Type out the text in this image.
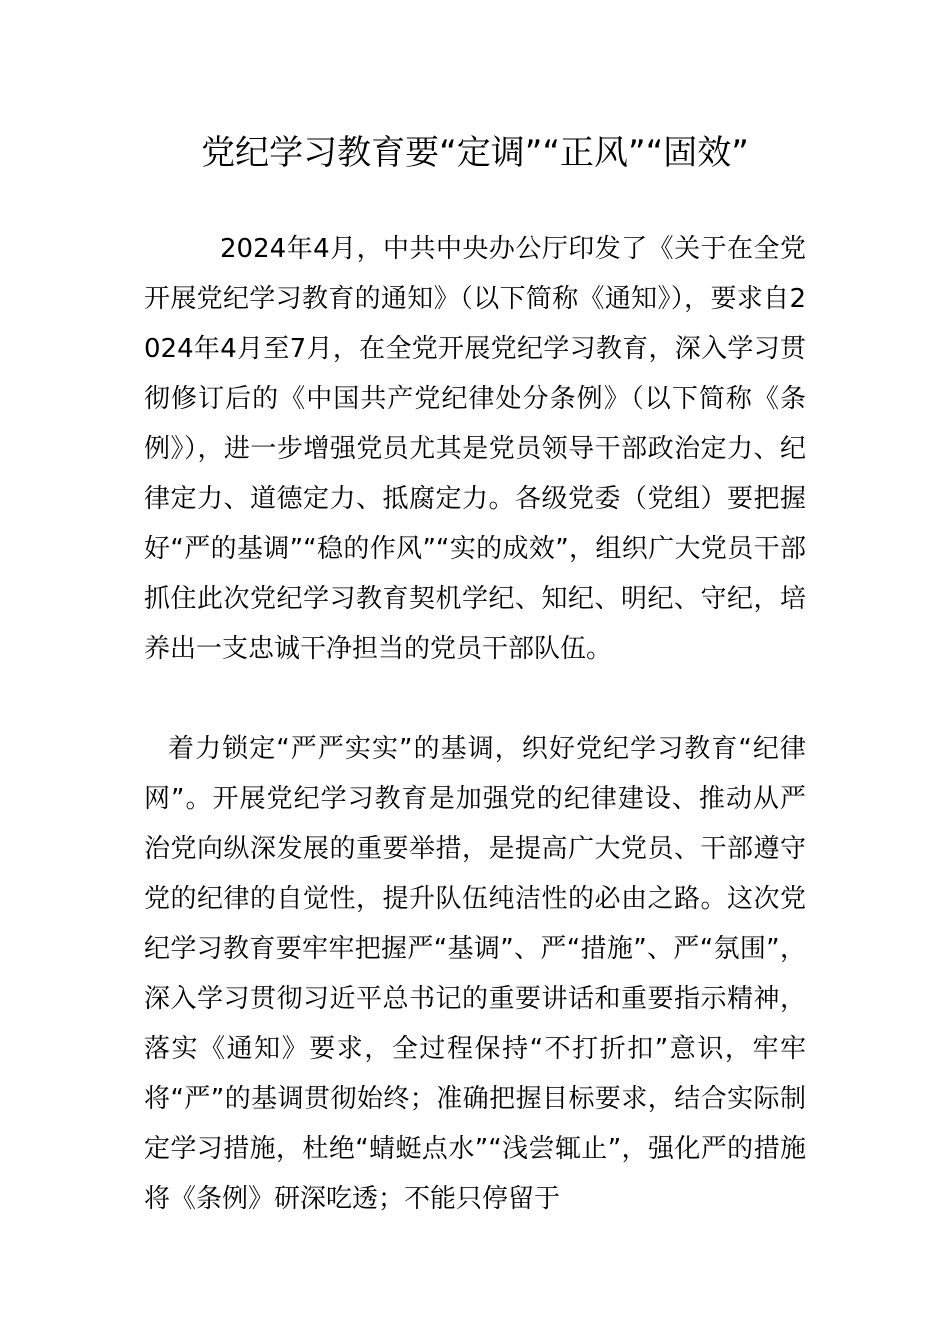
党纪学习教育要“定调”“正风”“固效”

2024年4月，中共中央办公厅印发了《关于在全党开展党纪学习教育的通知》（以下简称《通知》），要求自2024年4月至7月，在全党开展党纪学习教育，深入学习贯彻修订后的《中国共产党纪律处分条例》（以下简称《条例》），进一步增强党员尤其是党员领导干部政治定力、纪律定力、道德定力、抵腐定力。各级党委（党组）要把握好“严的基调”“稳的作风”“实的成效”，组织广大党员干部抓住此次党纪学习教育契机学纪、知纪、明纪、守纪，培养出一支忠诚干净担当的党员干部队伍。

着力锁定“严严实实”的基调，织好党纪学习教育“纪律网”。开展党纪学习教育是加强党的纪律建设、推动从严治党向纵深发展的重要举措，是提高广大党员、干部遵守党的纪律的自觉性，提升队伍纯洁性的必由之路。这次党纪学习教育要牢牢把握严“基调”、严“措施”、严“氛围”，深入学习贯彻习近平总书记的重要讲话和重要指示精神，落实《通知》要求，全过程保持“不打折扣”意识，牢牢将“严”的基调贯彻始终；准确把握目标要求，结合实际制定学习措施，杜绝“蜻蜓点水”“浅尝辄止”，强化严的措施将《条例》研深吃透；不能只停留于
